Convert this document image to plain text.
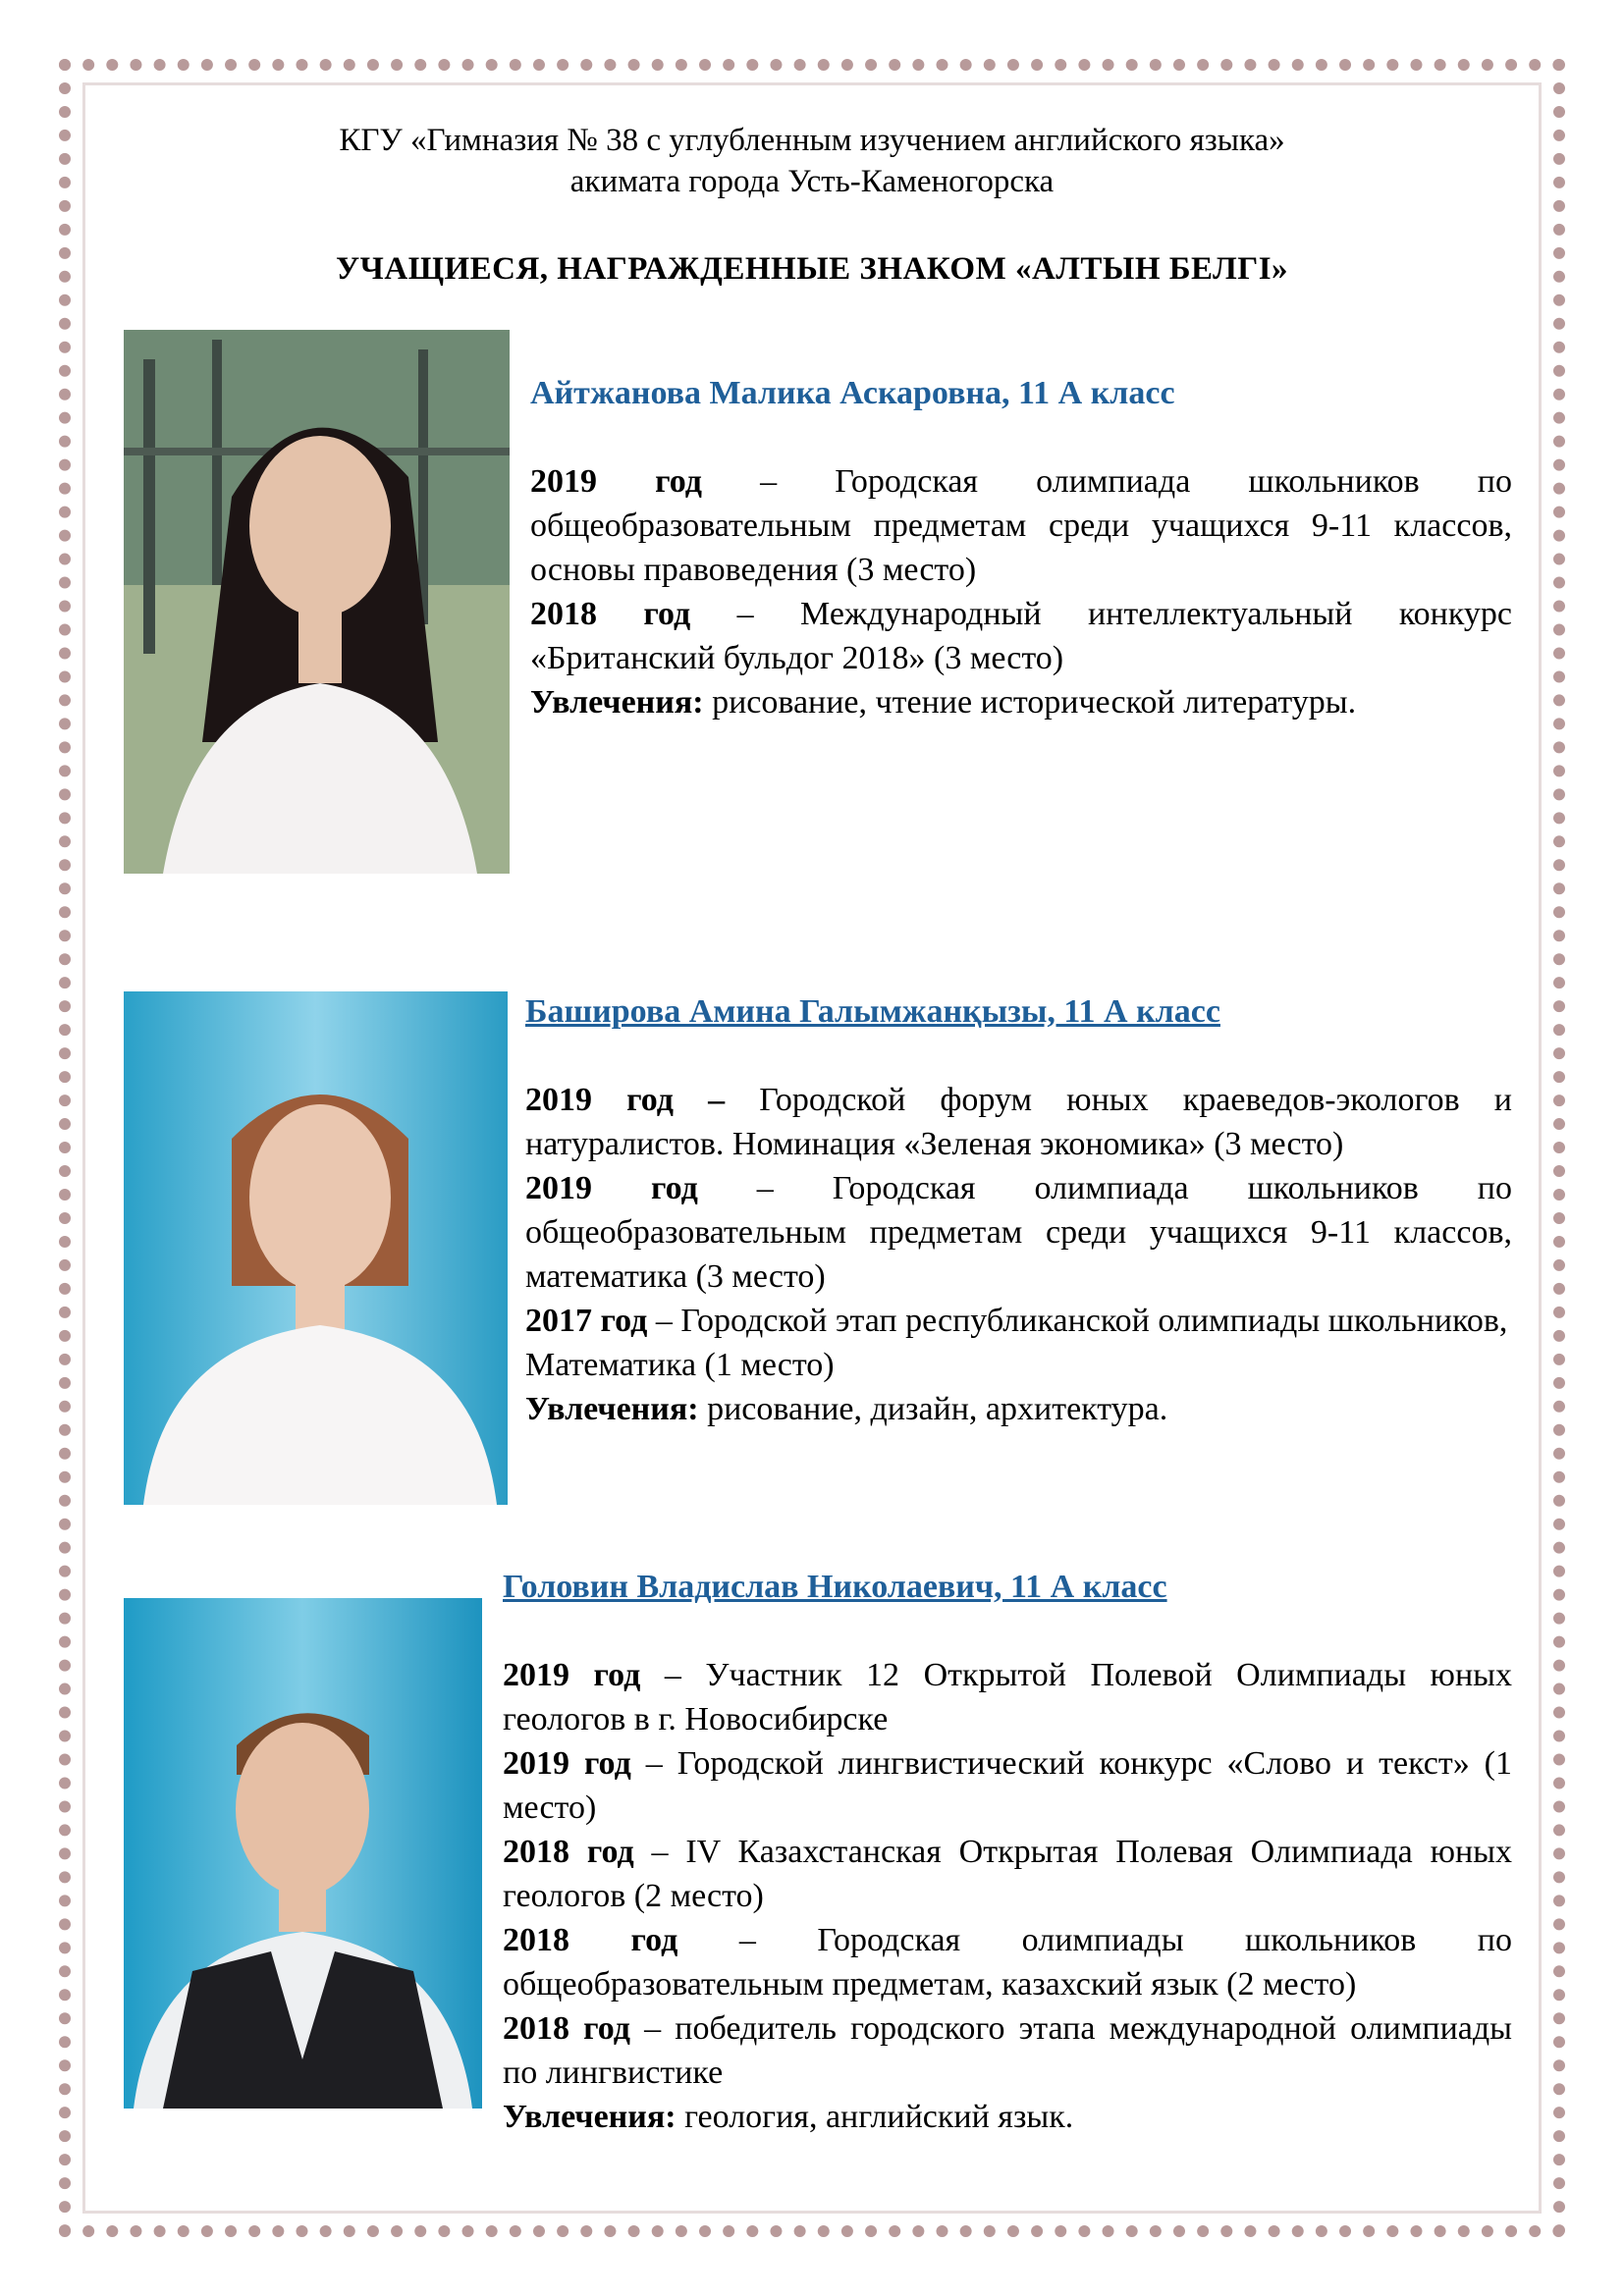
КГУ «Гимназия № 38 с углубленным изучением английского языка»
акимата города Усть-Каменогорска
УЧАЩИЕСЯ, НАГРАЖДЕННЫЕ ЗНАКОМ «АЛТЫН БЕЛГІ»
Айтжанова Малика Аскаровна, 11 А класс

2019 год – Городская олимпиада школьников по общеобразовательным предметам среди учащихся 9-11 классов, основы правоведения (3 место)

2018 год – Международный интеллектуальный конкурс «Британский бульдог 2018» (3 место)

Увлечения: рисование, чтение исторической литературы.

Баширова Амина Галымжанқызы, 11 А класс

2019 год – Городской форум юных краеведов-экологов и натуралистов. Номинация «Зеленая экономика» (3 место)

2019 год – Городская олимпиада школьников по общеобразовательным предметам среди учащихся 9-11 классов, математика (3 место)

2017 год – Городской этап республиканской олимпиады школьников,

Математика (1 место)

Увлечения: рисование, дизайн, архитектура.

Головин Владислав Николаевич, 11 А класс

2019 год – Участник 12 Открытой Полевой Олимпиады юных геологов в г. Новосибирске

2019 год – Городской лингвистический конкурс «Слово и текст» (1 место)

2018 год – IV Казахстанская Открытая Полевая Олимпиада юных геологов (2 место)

2018 год – Городская олимпиады школьников по общеобразовательным предметам, казахский язык (2 место)

2018 год – победитель городского этапа международной олимпиады по лингвистике

Увлечения: геология, английский язык.
